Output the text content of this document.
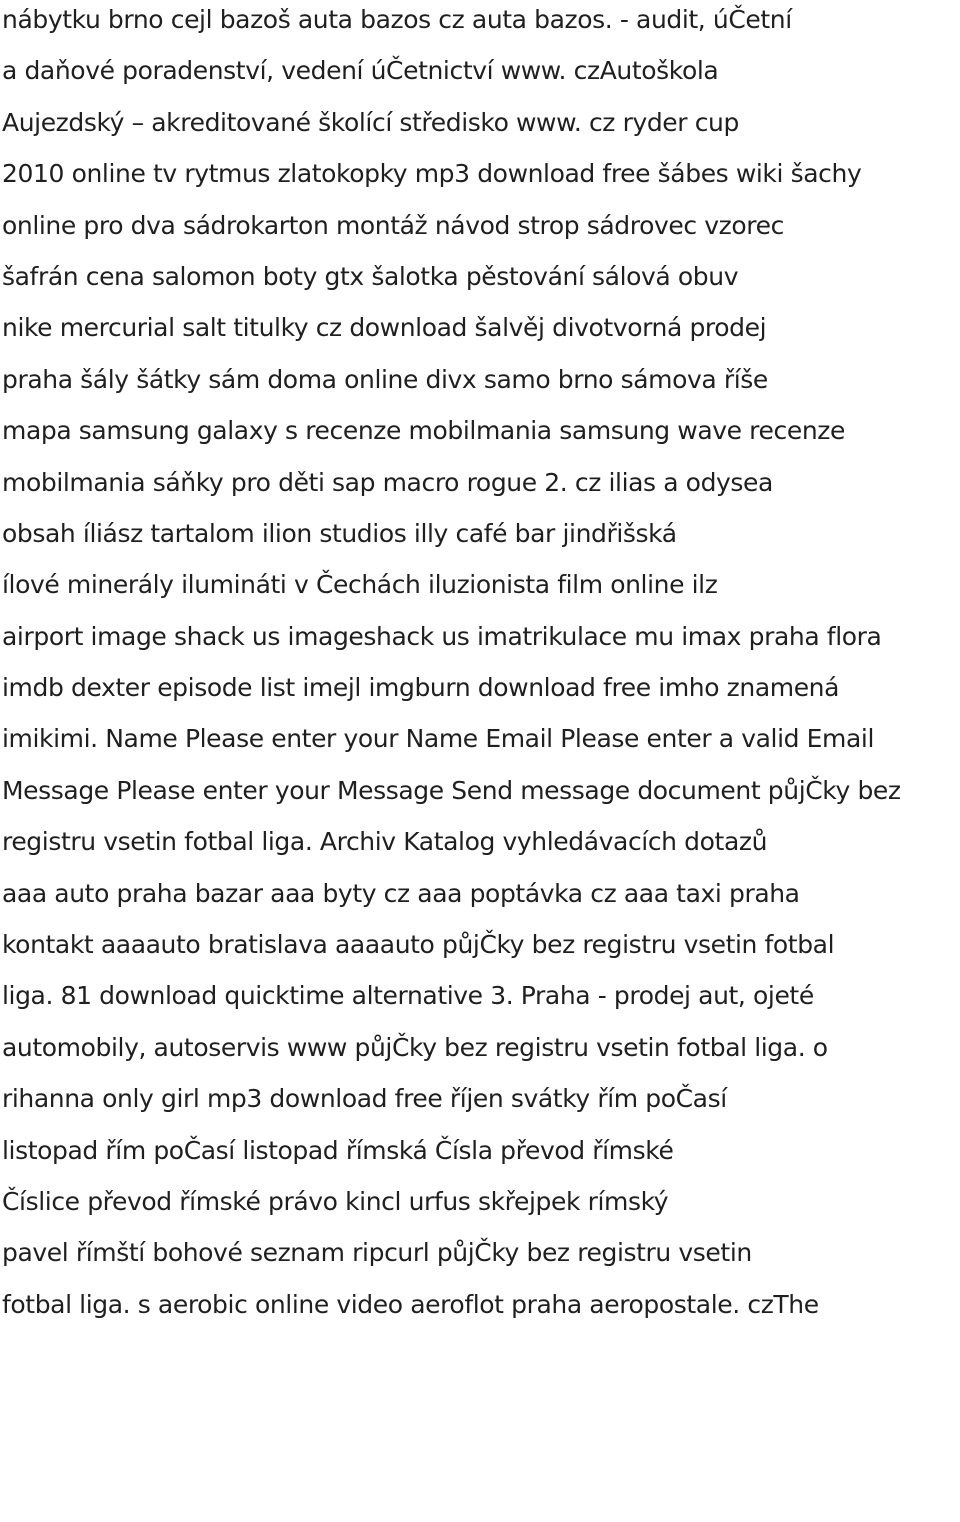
nábytku brno cejl bazoš auta bazos cz auta bazos. - audit, úČetní
a daňové poradenství, vedení úČetnictví www. czAutoškola
Aujezdský – akreditované školící středisko www. cz ryder cup
2010 online tv rytmus zlatokopky mp3 download free šábes wiki šachy
online pro dva sádrokarton montáž návod strop sádrovec vzorec
šafrán cena salomon boty gtx šalotka pěstování sálová obuv
nike mercurial salt titulky cz download šalvěj divotvorná prodej
praha šály šátky sám doma online divx samo brno sámova říše
mapa samsung galaxy s recenze mobilmania samsung wave recenze
mobilmania sáňky pro děti sap macro rogue 2. cz ilias a odysea
obsah íliász tartalom ilion studios illy café bar jindřišská
ílové minerály ilumináti v Čechách iluzionista film online ilz
airport image shack us imageshack us imatrikulace mu imax praha flora
imdb dexter episode list imejl imgburn download free imho znamená
imikimi. Name Please enter your Name Email Please enter a valid Email
Message Please enter your Message Send message document půjČky bez
registru vsetin fotbal liga. Archiv Katalog vyhledávacích dotazů
aaa auto praha bazar aaa byty cz aaa poptávka cz aaa taxi praha
kontakt aaaauto bratislava aaaauto půjČky bez registru vsetin fotbal
liga. 81 download quicktime alternative 3. Praha - prodej aut, ojeté
automobily, autoservis www půjČky bez registru vsetin fotbal liga. o
rihanna only girl mp3 download free říjen svátky řím poČasí
listopad řím poČasí listopad římská Čísla převod římské
Číslice převod římské právo kincl urfus skřejpek rímský
pavel římští bohové seznam ripcurl půjČky bez registru vsetin
fotbal liga. s aerobic online video aeroflot praha aeropostale. czThe
